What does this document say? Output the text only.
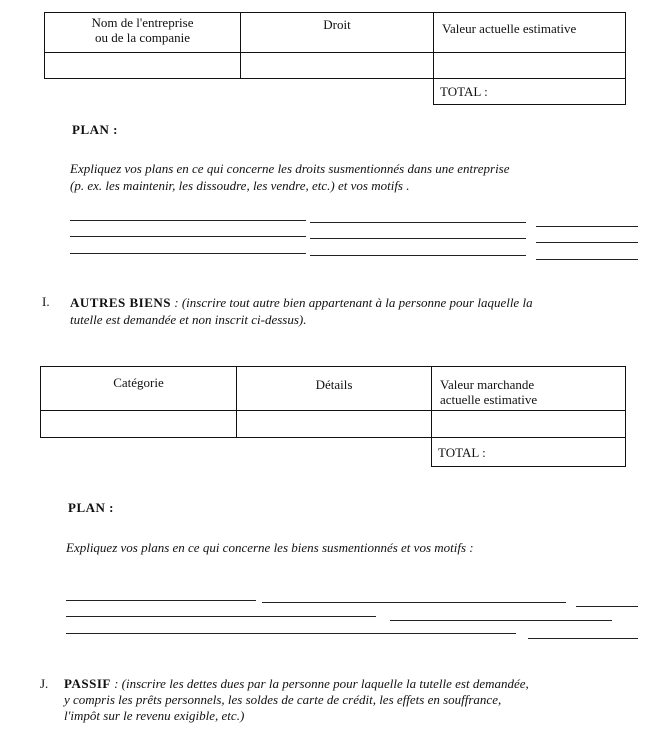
Nom de l'entreprise
ou de la companie	Droit	Valeur actuelle estimative

		TOTAL :
PLAN :
Expliquez vos plans en ce qui concerne les droits susmentionnés dans une entreprise
(p. ex. les maintenir, les dissoudre, les vendre, etc.) et vos motifs .
I. AUTRES BIENS : (inscrire tout autre bien appartenant à la personne pour laquelle la
tutelle est demandée et non inscrit ci-dessus).
Catégorie	Détails	Valeur marchande
actuelle estimative

		TOTAL :
PLAN :
Expliquez vos plans en ce qui concerne les biens susmentionnés et vos motifs :
J. PASSIF : (inscrire les dettes dues par la personne pour laquelle la tutelle est demandée,
y compris les prêts personnels, les soldes de carte de crédit, les effets en souffrance,
l'impôt sur le revenu exigible, etc.)
